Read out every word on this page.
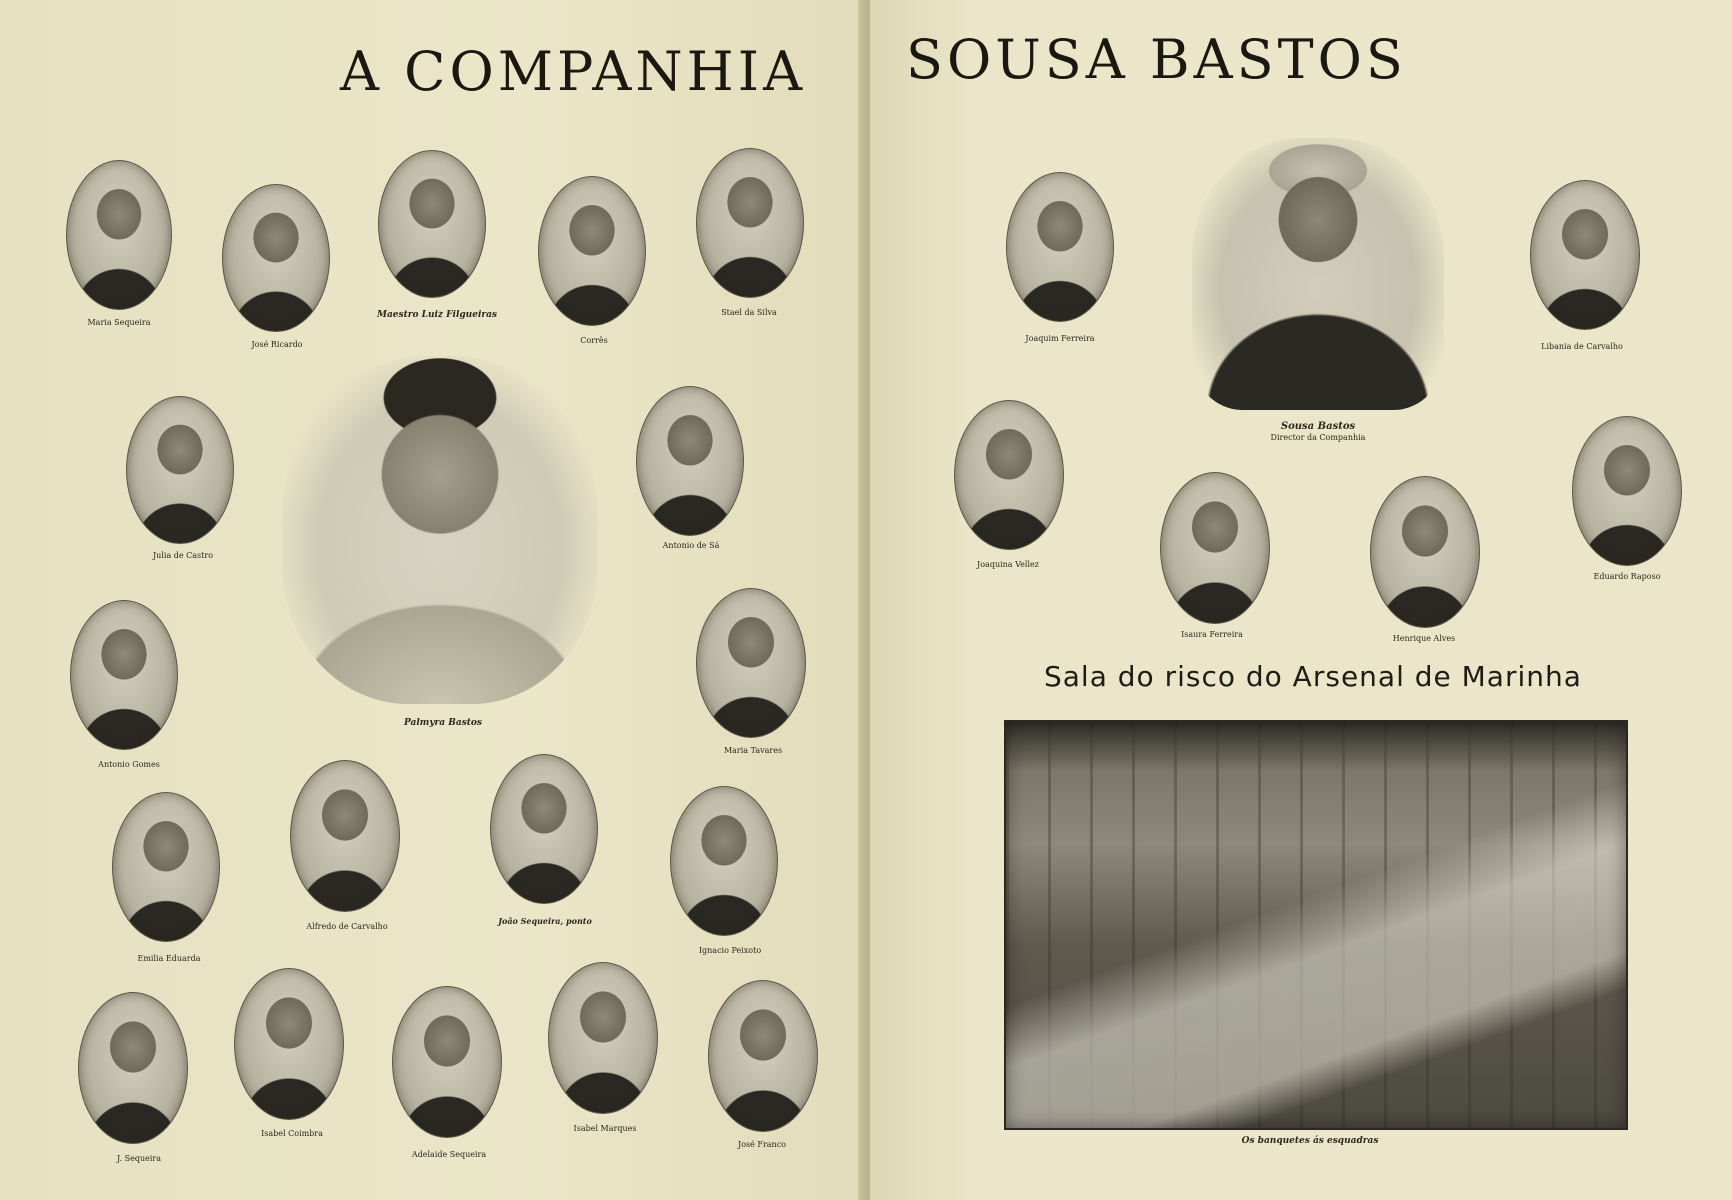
A COMPANHIA

Maria Sequeira

José Ricardo

Maestro Luiz Filgueiras

Corrês

Stael da Silva

Julia de Castro

Palmyra Bastos

Antonio de Sá

Antonio Gomes

Maria Tavares

Emilia Eduarda

Alfredo de Carvalho

João Sequeira, ponto

Ignacio Peixoto

J. Sequeira

Isabel Coimbra

Adelaide Sequeira

Isabel Marques

José Franco

SOUSA BASTOS

Joaquim Ferreira

Sousa Bastos

Director da Companhia

Libania de Carvalho

Joaquina Vellez

Isaura Ferreira	Henrique Alves

Eduardo Raposo

Sala do risco do Arsenal de Marinha

Os banquetes ás esquadras
